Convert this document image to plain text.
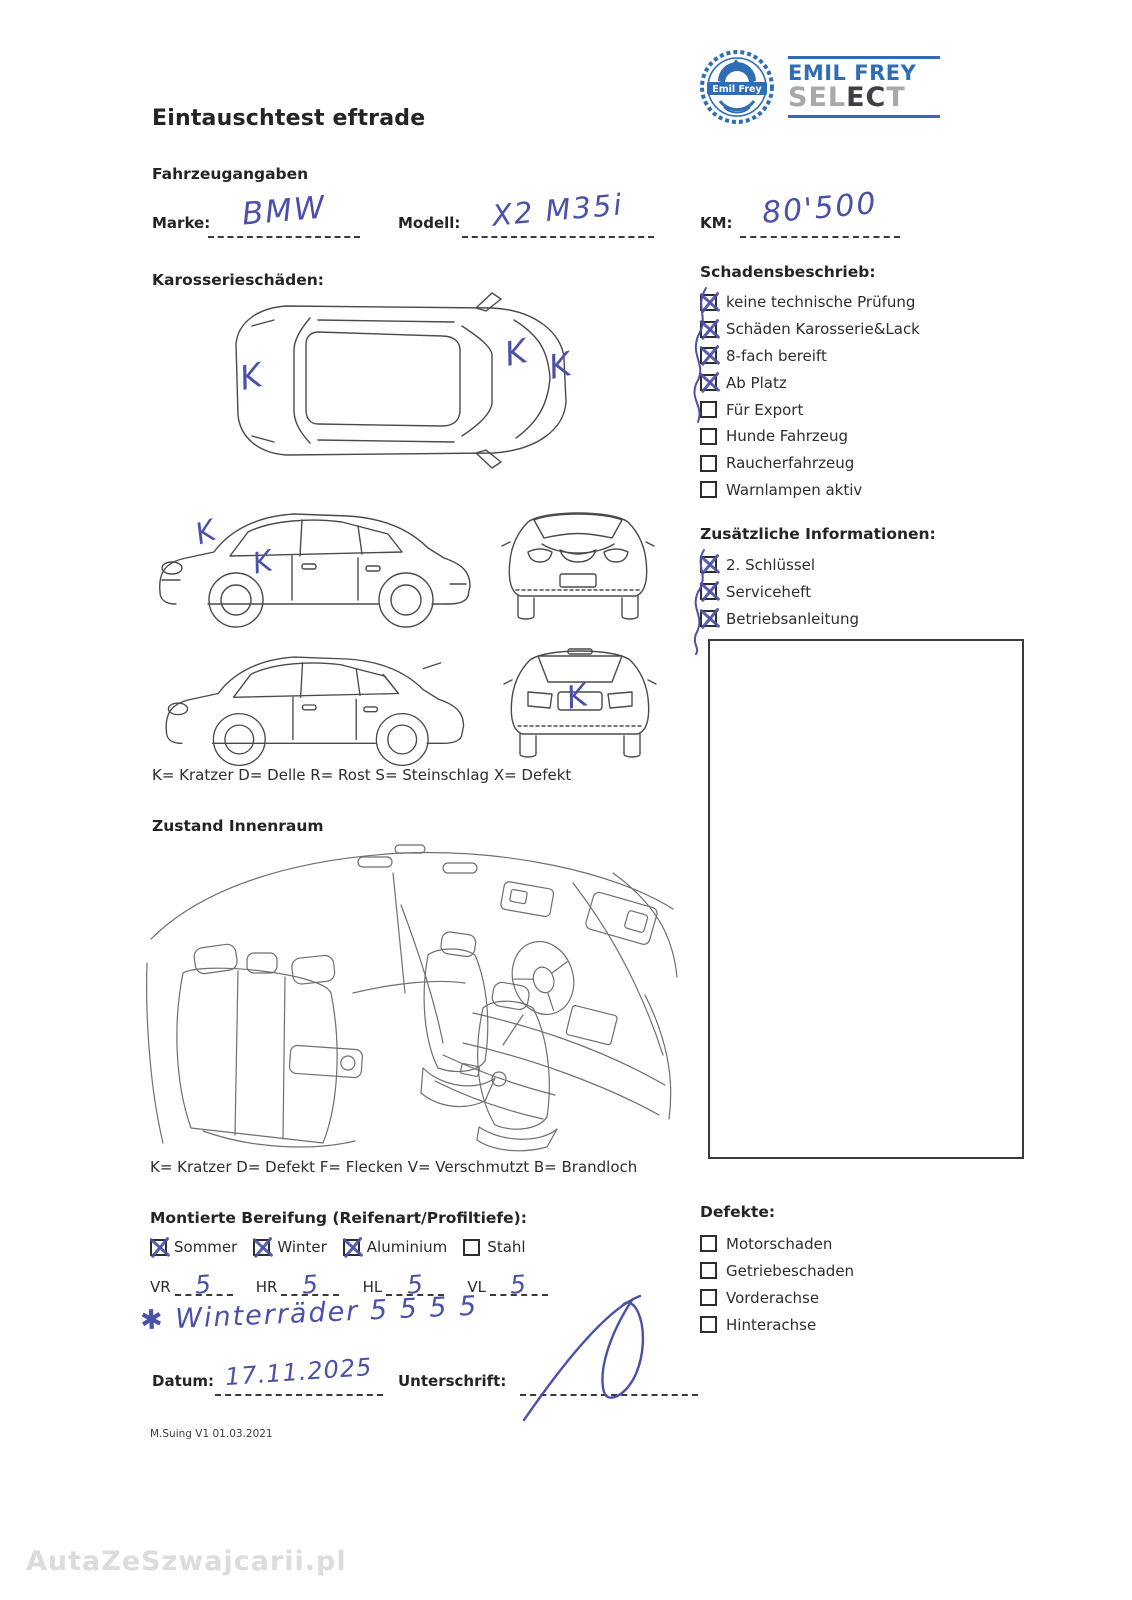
Emil Frey
EMIL FREY
SELECT
Eintauschtest eftrade
Fahrzeugangaben
Marke: BMW	Modell:	X2 M35i	KM: 80'500
Karosserieschäden:
K
K K
K
K
K
K= Kratzer D= Delle R= Rost S= Steinschlag X= Defekt
Zustand Innenraum
K= Kratzer D= Defekt F= Flecken V= Verschmutzt B= Brandloch
Montierte Bereifung (Reifenart/Profiltiefe):
Sommer	Winter	Aluminium	Stahl
VR 5
	HR 5
	HL 5
	VL 5
✱ Winterräder 5 5 5 5
Datum: 17.11.2025	Unterschrift:
M.Suing V1 01.03.2021
AutaZeSzwajcarii.pl
Schadensbeschrieb:
keine technische Prüfung
Schäden Karosserie&Lack
8-fach bereift
Ab Platz
Für Export
Hunde Fahrzeug
Raucherfahrzeug
Warnlampen aktiv
Zusätzliche Informationen:
2. Schlüssel
Serviceheft
Betriebsanleitung
Defekte:
Motorschaden
Getriebeschaden
Vorderachse
Hinterachse
